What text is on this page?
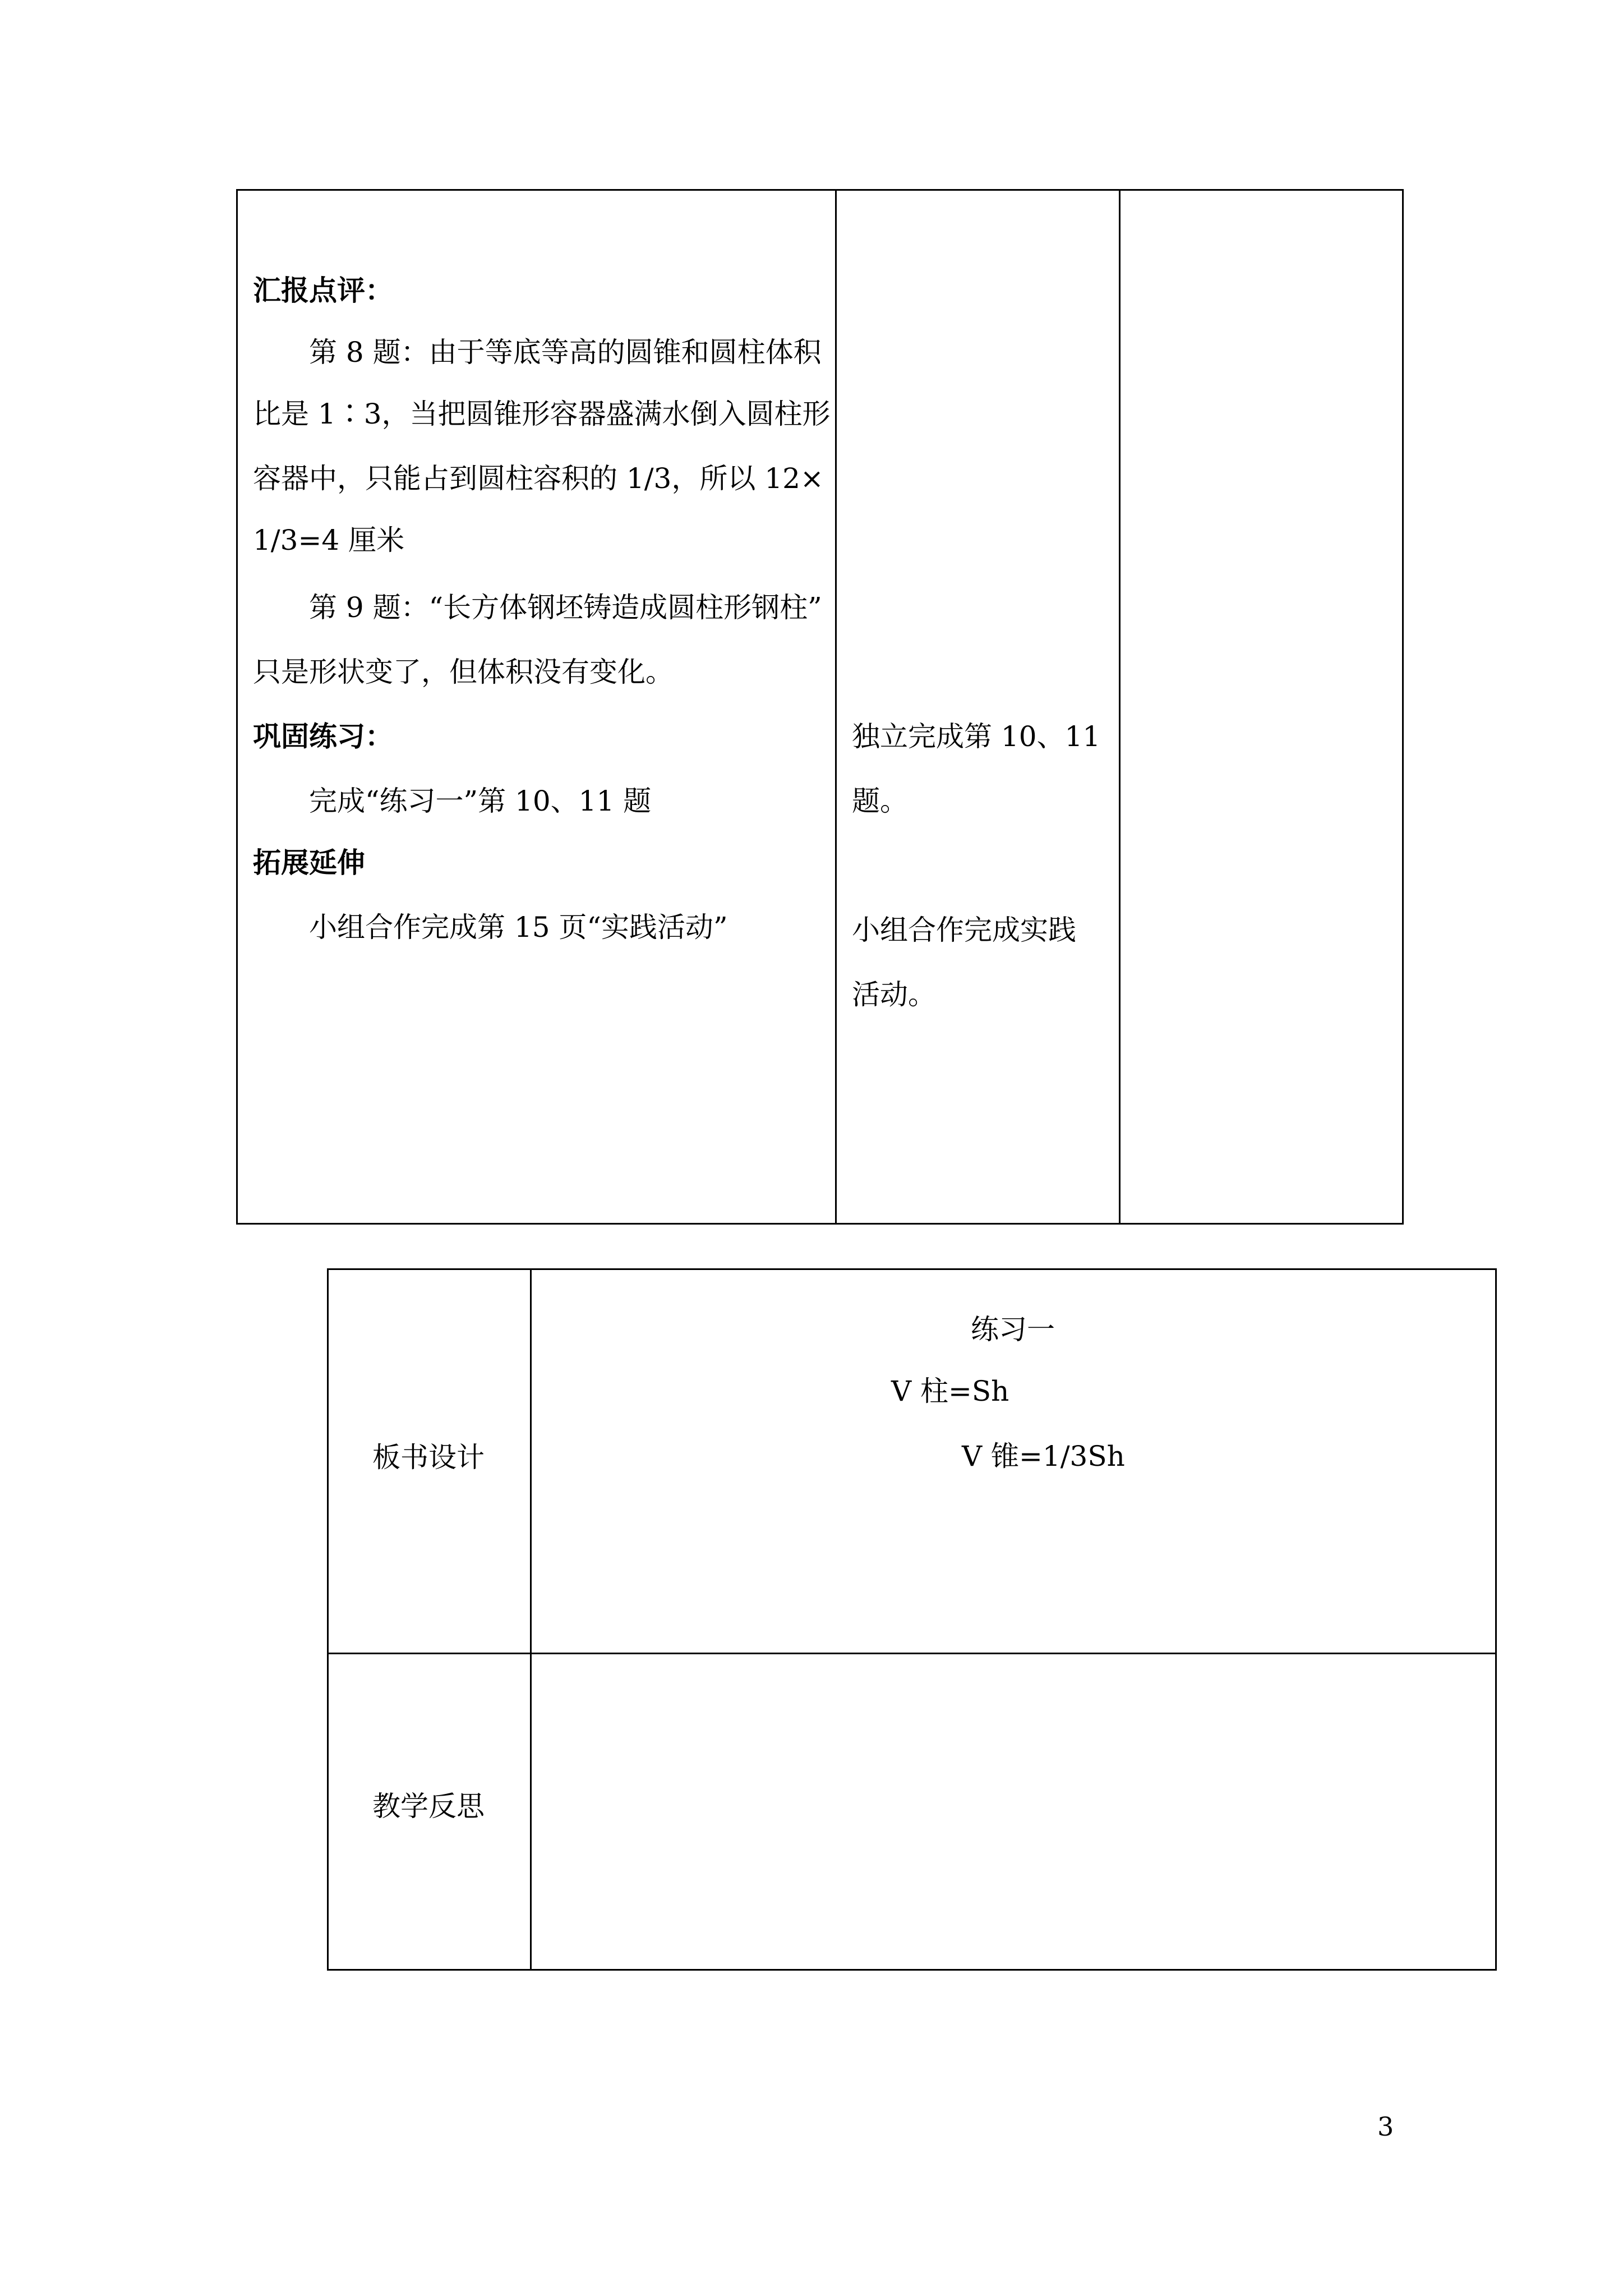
汇报点评：
第 8 题：由于等底等高的圆锥和圆柱体积
比是 1∶3，当把圆锥形容器盛满水倒入圆柱形
容器中，只能占到圆柱容积的 1/3，所以 12×
1/3=4 厘米
第 9 题：“长方体钢坯铸造成圆柱形钢柱”
只是形状变了，但体积没有变化。
巩固练习：
完成“练习一”第 10、11 题
拓展延伸
小组合作完成第 15 页“实践活动”
独立完成第 10、11
题。
小组合作完成实践
活动。
板书设计
练习一
V 柱=Sh
V 锥=1/3Sh
教学反思
3
